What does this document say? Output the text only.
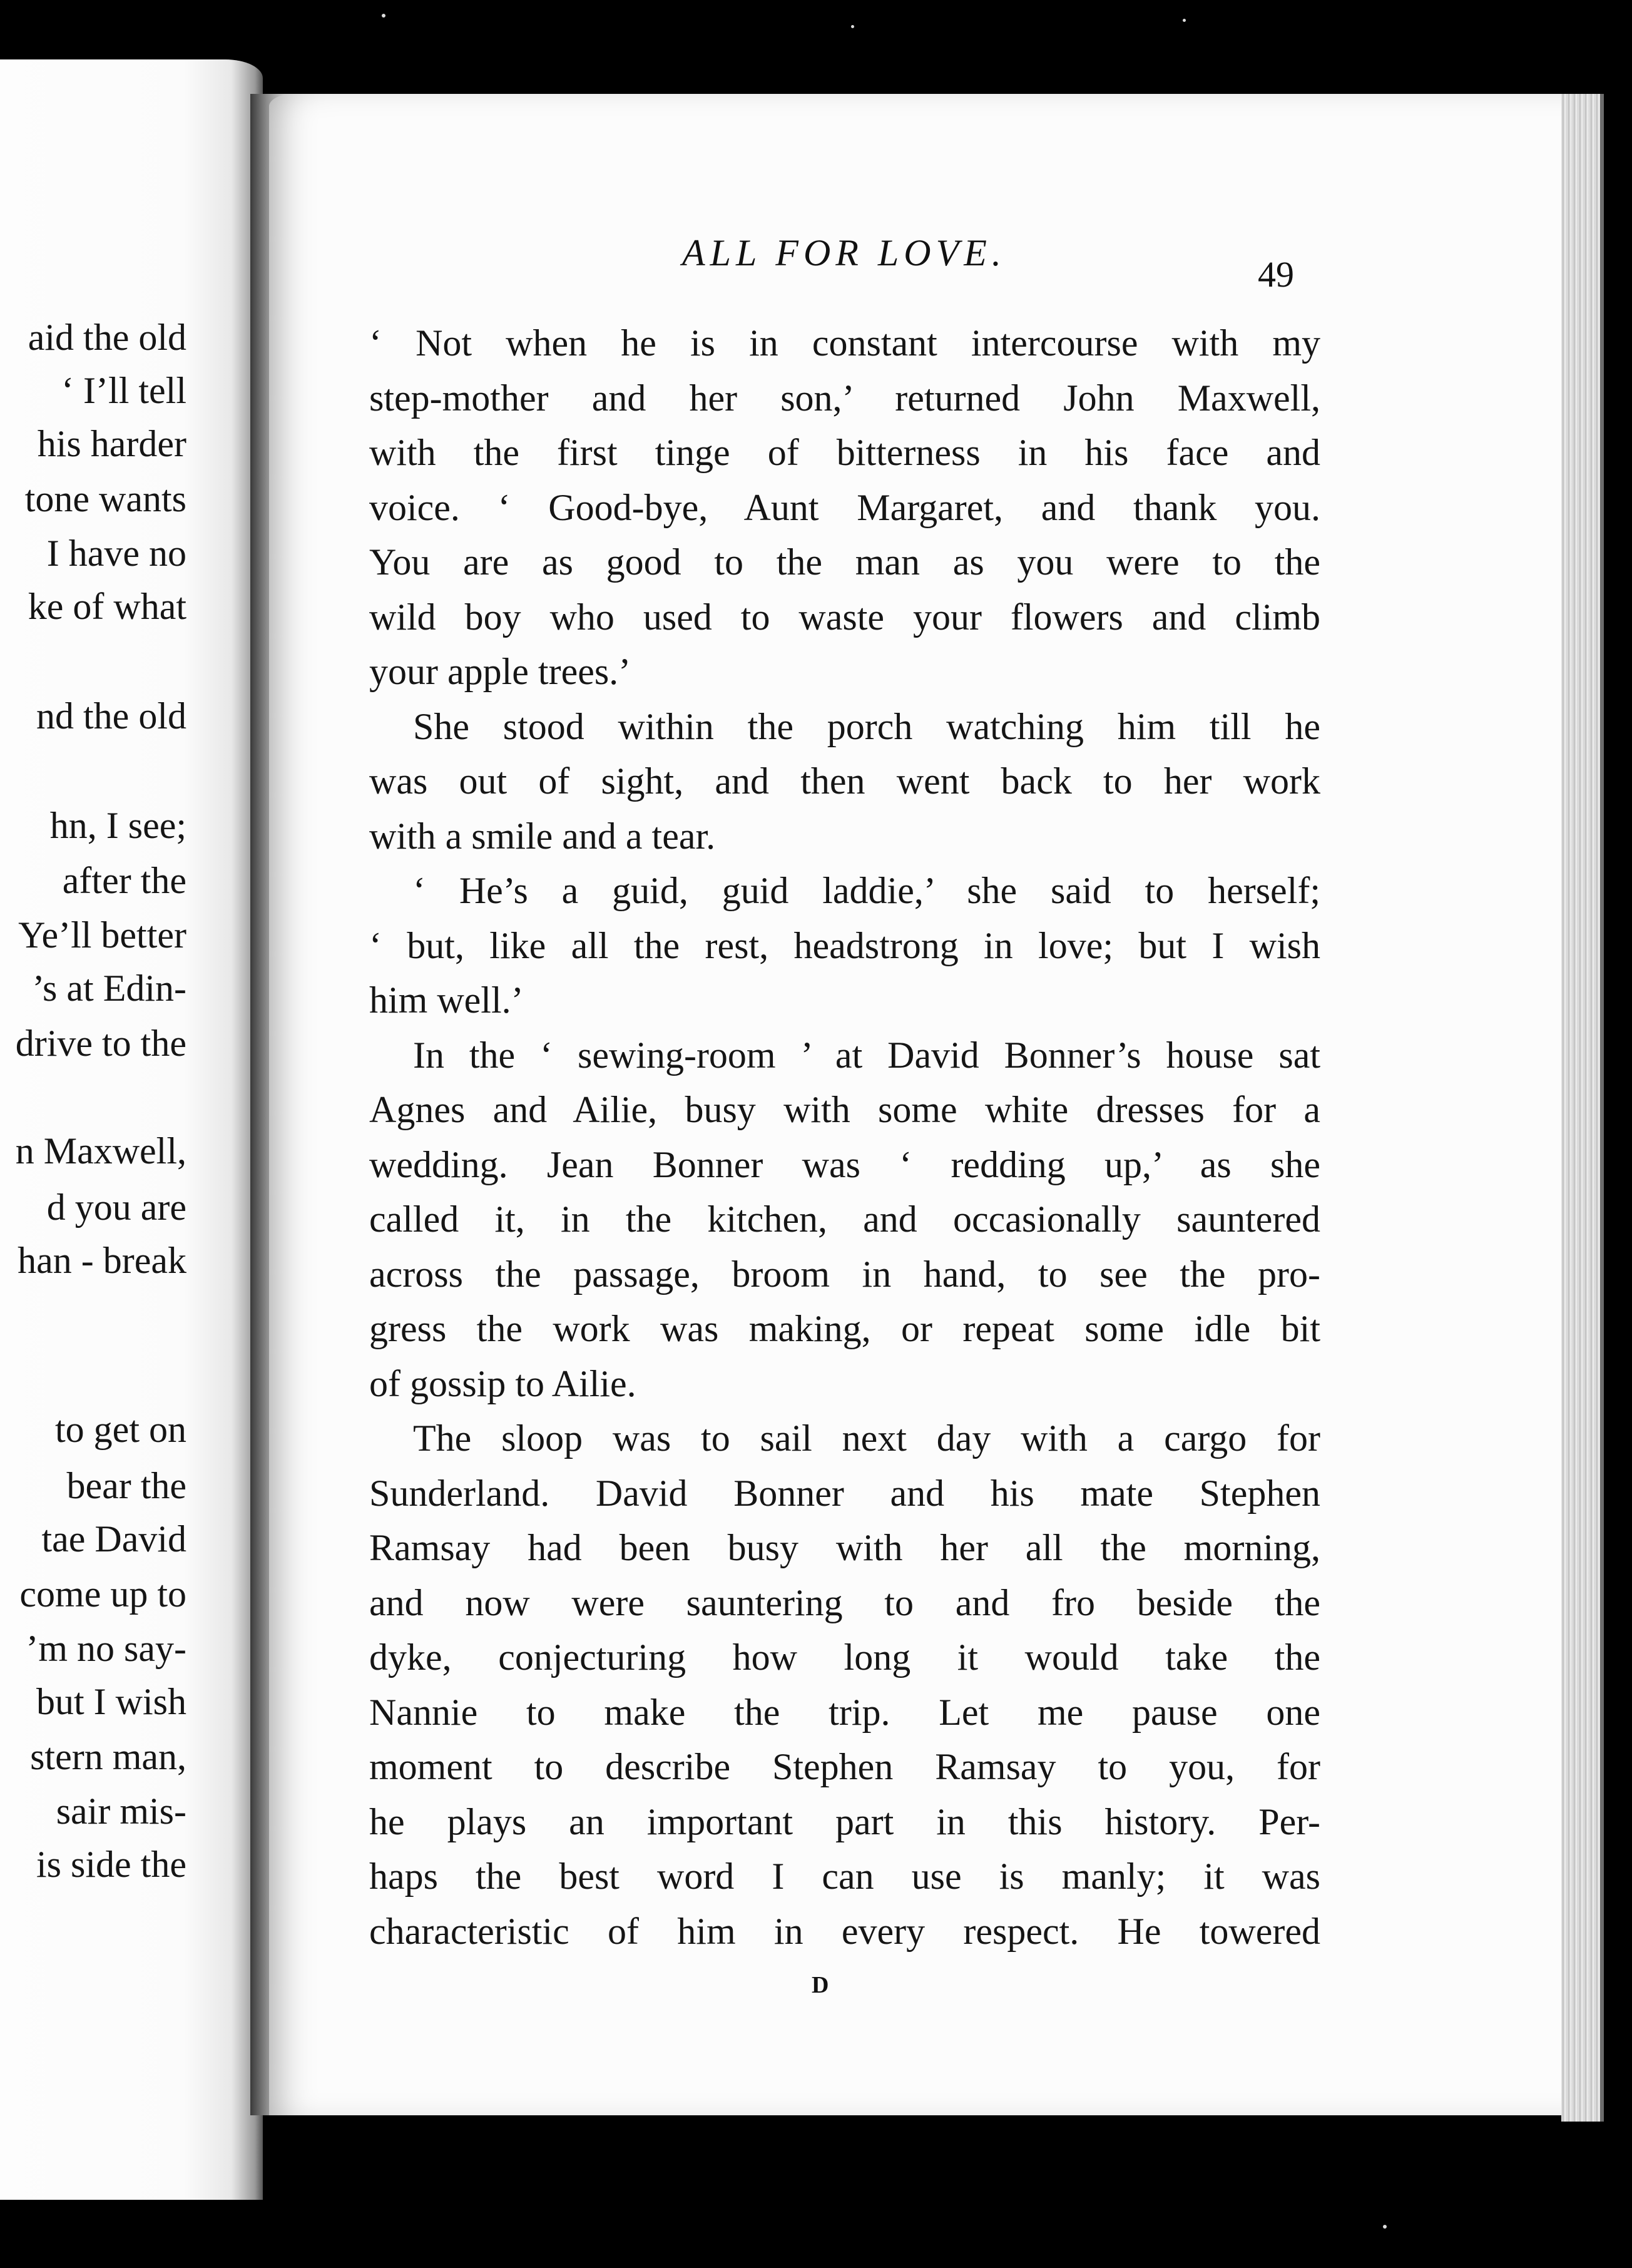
aid the old
‘ I’ll tell
his harder
tone wants
I have no
ke of what
nd the old
hn, I see;
after the
Ye’ll better
’s at Edin-
drive to the
n Maxwell,
d you are
han - break
to get on
bear the
tae David
come up to
’m no say-
but I wish
stern man,
sair mis-
is side the
ALL FOR LOVE.
49
‘ Not when he is in constant intercourse with my
step-mother and her son,’ returned John Maxwell,
with the first tinge of bitterness in his face and
voice. ‘ Good-bye, Aunt Margaret, and thank you.
You are as good to the man as you were to the
wild boy who used to waste your flowers and climb
your apple trees.’
She stood within the porch watching him till he
was out of sight, and then went back to her work
with a smile and a tear.
‘ He’s a guid, guid laddie,’ she said to herself;
‘ but, like all the rest, headstrong in love; but I wish
him well.’
In the ‘ sewing-room ’ at David Bonner’s house sat
Agnes and Ailie, busy with some white dresses for a
wedding. Jean Bonner was ‘ redding up,’ as she
called it, in the kitchen, and occasionally sauntered
across the passage, broom in hand, to see the pro-
gress the work was making, or repeat some idle bit
of gossip to Ailie.
The sloop was to sail next day with a cargo for
Sunderland. David Bonner and his mate Stephen
Ramsay had been busy with her all the morning,
and now were sauntering to and fro beside the
dyke, conjecturing how long it would take the
Nannie to make the trip. Let me pause one
moment to describe Stephen Ramsay to you, for
he plays an important part in this history. Per-
haps the best word I can use is manly; it was
characteristic of him in every respect. He towered
D
